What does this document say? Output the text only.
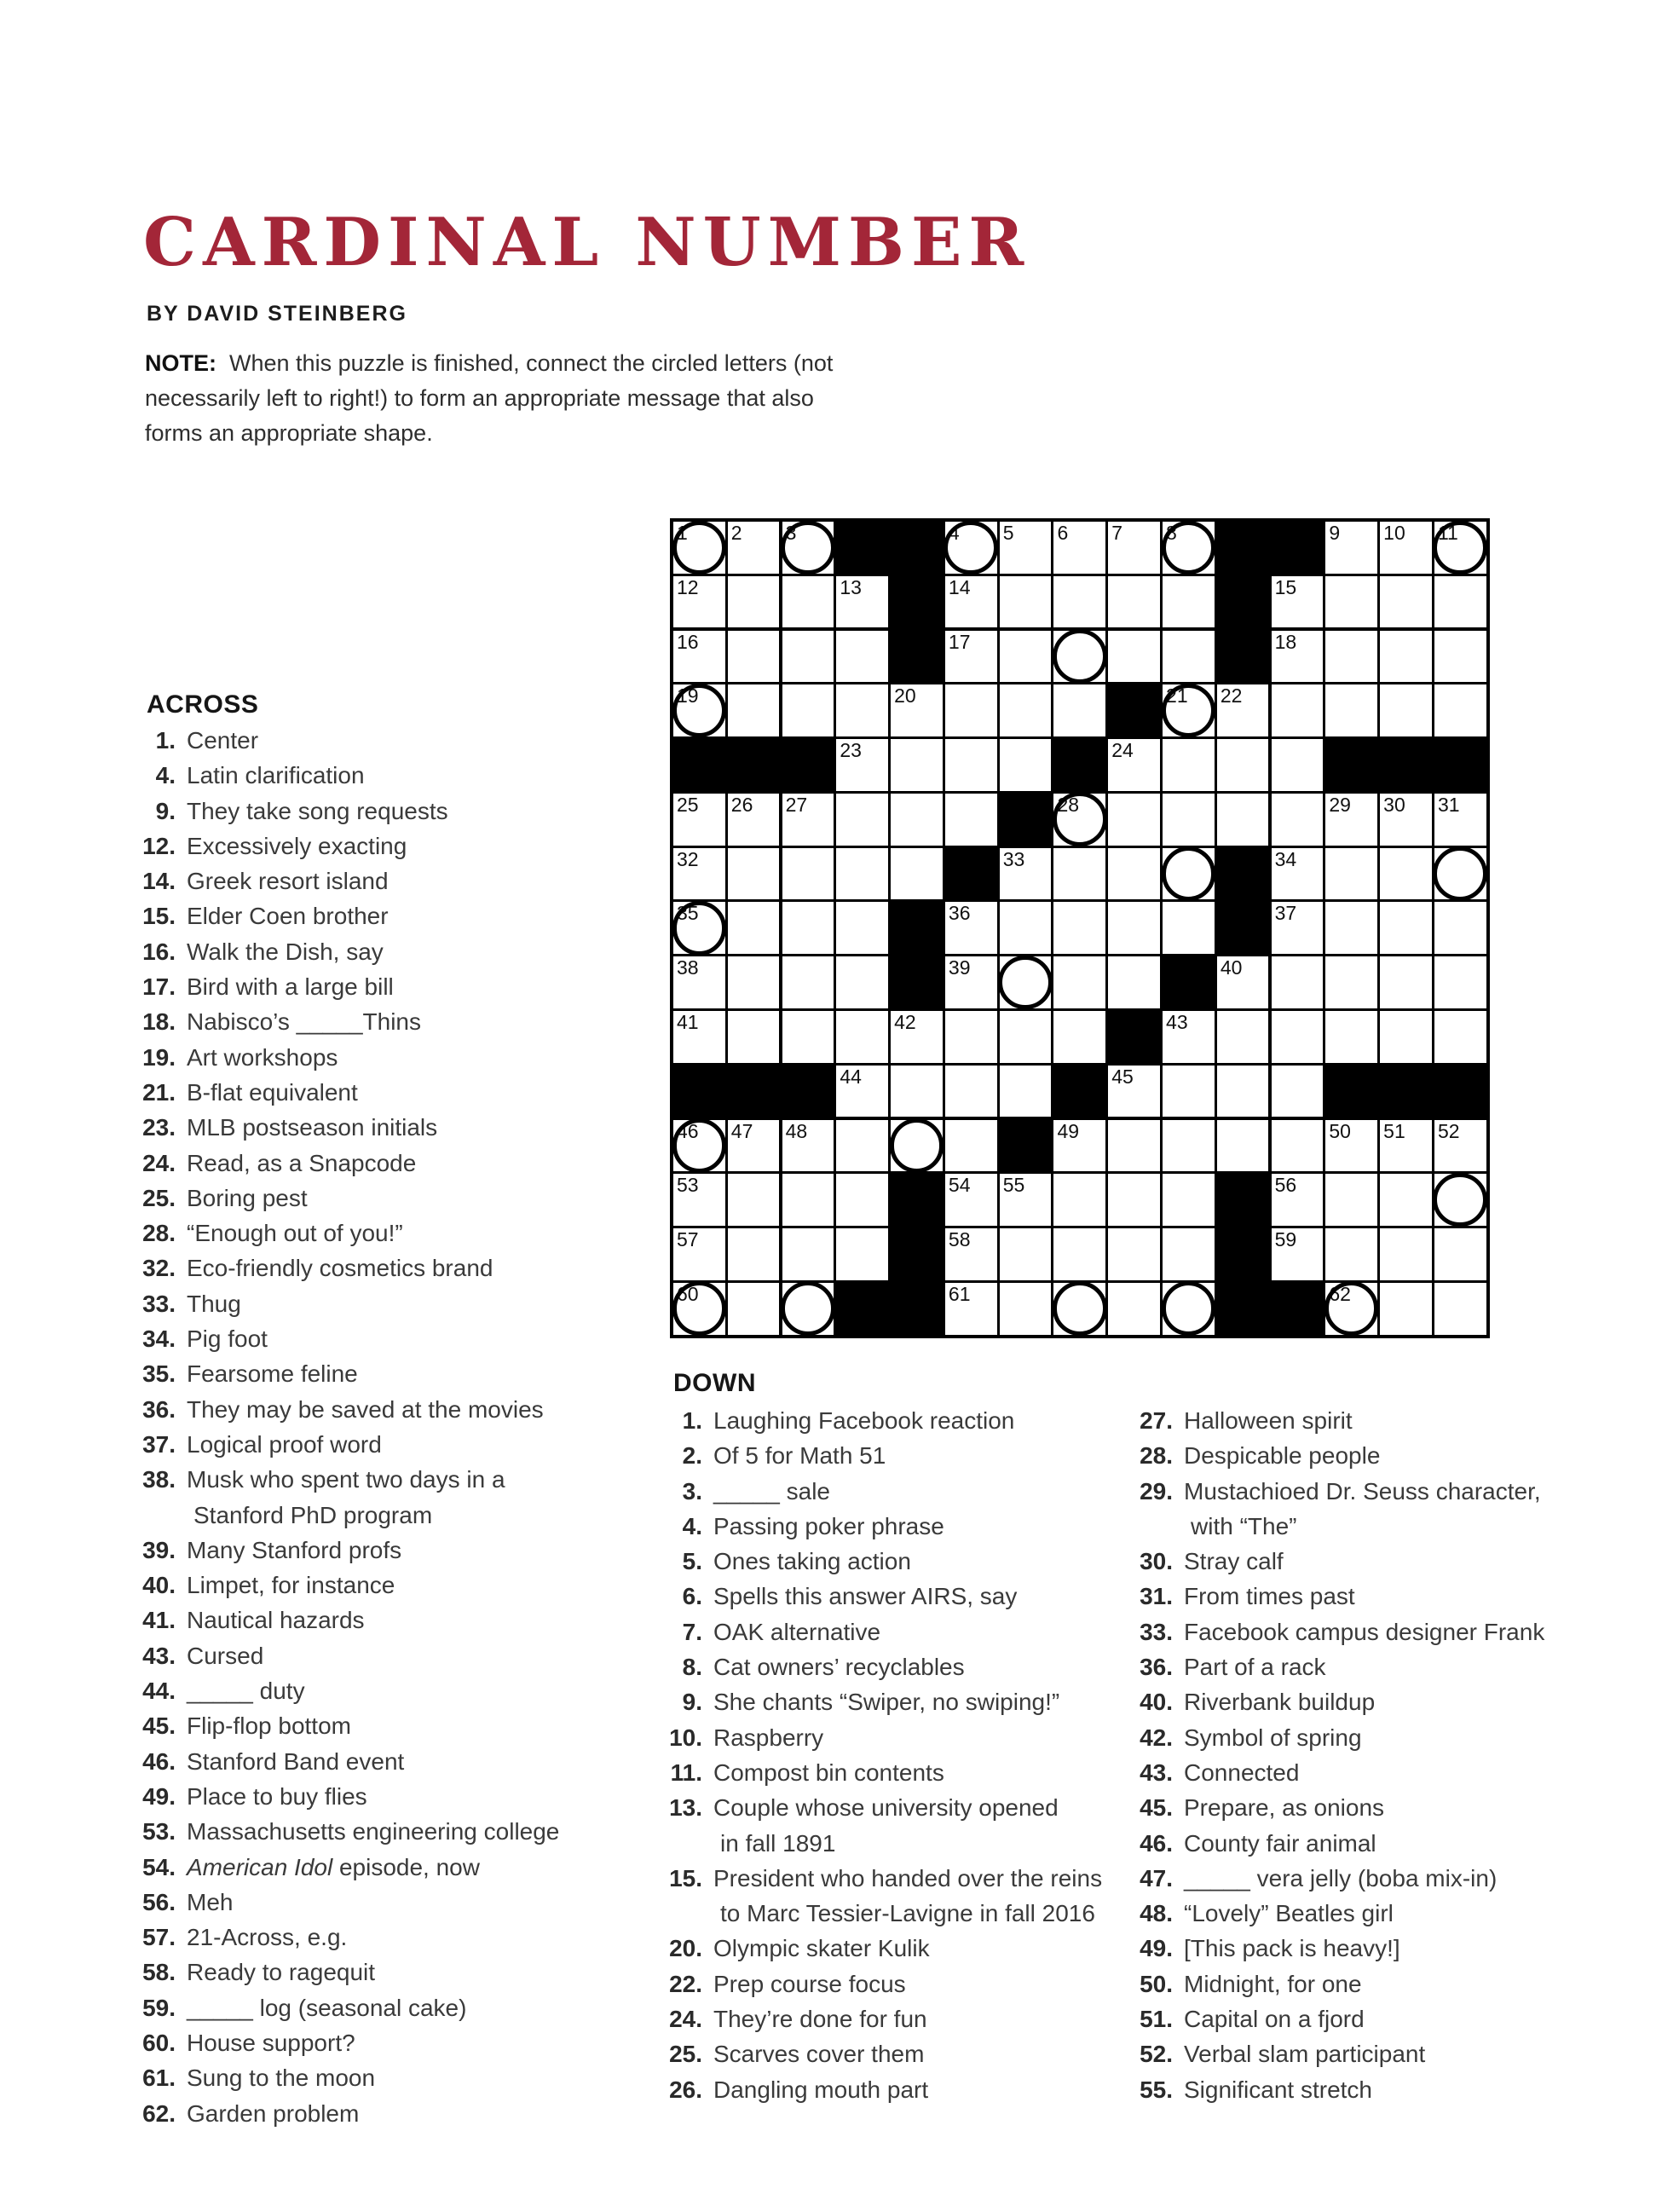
CARDINAL NUMBER
BY DAVID STEINBERG
NOTE: When this puzzle is finished, connect the circled letters (not
necessarily left to right!) to form an appropriate message that also
forms an appropriate shape.
1 2 3	4 5 6 7 8	9 10 11
12	13	14	15
16	17	18
19	20	21 22
23	24
25 26 27	28	29 30 31
32	33	34
35	36	37
38	39	40
41	42	43
44	45
46 47 48	49	50 51 52
53	54 55	56
57	58	59
60	61	62
ACROSS
1. Center
4. Latin clarification
9. They take song requests
12. Excessively exacting
14. Greek resort island
15. Elder Coen brother
16. Walk the Dish, say
17. Bird with a large bill
18. Nabisco’s _____Thins
19. Art workshops
21. B-flat equivalent
23. MLB postseason initials
24. Read, as a Snapcode
25. Boring pest
28. “Enough out of you!”
32. Eco-friendly cosmetics brand
33. Thug
34. Pig foot
35. Fearsome feline
36. They may be saved at the movies
37. Logical proof word
38. Musk who spent two days in a
Stanford PhD program
39. Many Stanford profs
40. Limpet, for instance
41. Nautical hazards
43. Cursed
44. _____ duty
45. Flip-flop bottom
46. Stanford Band event
49. Place to buy flies
53. Massachusetts engineering college
54. American Idol episode, now
56. Meh
57. 21-Across, e.g.
58. Ready to ragequit
59. _____ log (seasonal cake)
60. House support?
61. Sung to the moon
62. Garden problem
DOWN
1. Laughing Facebook reaction
2. Of 5 for Math 51
3. _____ sale
4. Passing poker phrase
5. Ones taking action
6. Spells this answer AIRS, say
7. OAK alternative
8. Cat owners’ recyclables
9. She chants “Swiper, no swiping!”
10. Raspberry
11. Compost bin contents
13. Couple whose university opened
in fall 1891
15. President who handed over the reins
to Marc Tessier-Lavigne in fall 2016
20. Olympic skater Kulik
22. Prep course focus
24. They’re done for fun
25. Scarves cover them
26. Dangling mouth part
27. Halloween spirit
28. Despicable people
29. Mustachioed Dr. Seuss character,
with “The”
30. Stray calf
31. From times past
33. Facebook campus designer Frank
36. Part of a rack
40. Riverbank buildup
42. Symbol of spring
43. Connected
45. Prepare, as onions
46. County fair animal
47. _____ vera jelly (boba mix-in)
48. “Lovely” Beatles girl
49. [This pack is heavy!]
50. Midnight, for one
51. Capital on a fjord
52. Verbal slam participant
55. Significant stretch
